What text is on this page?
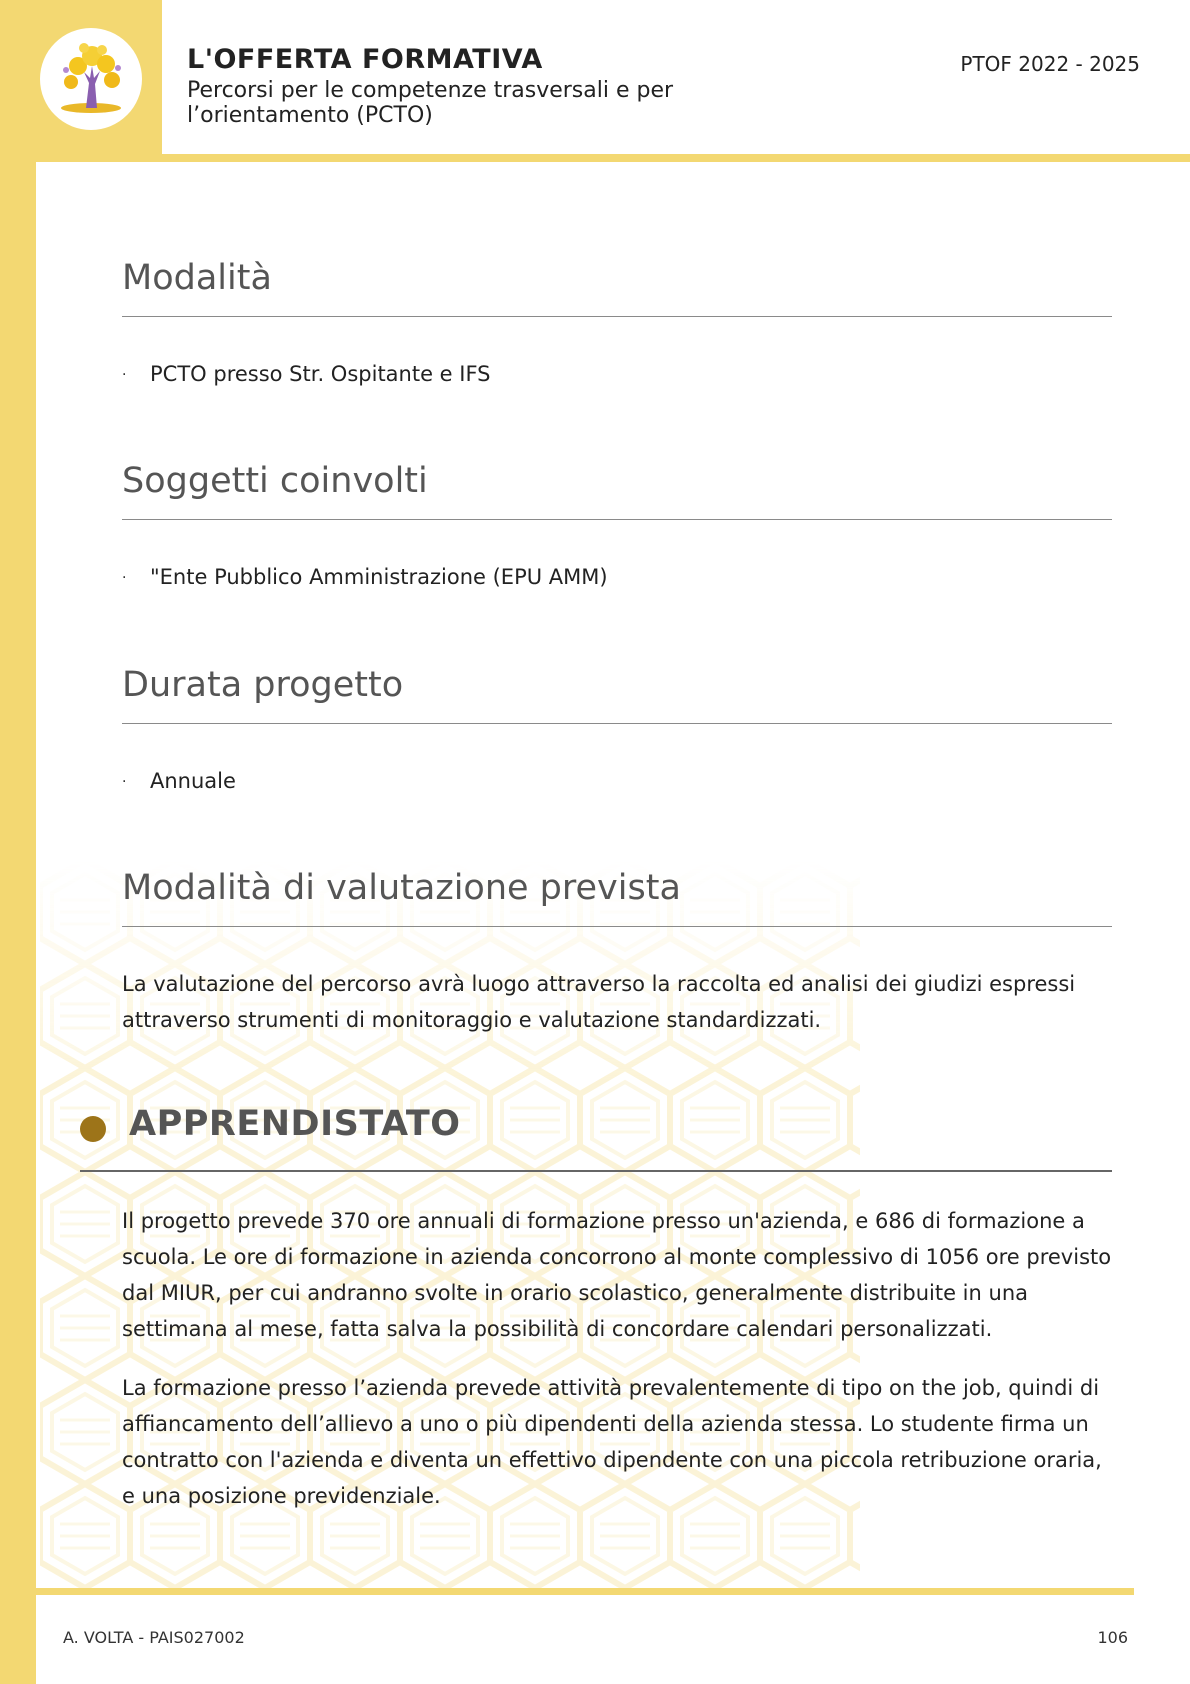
L'OFFERTA FORMATIVA
Percorsi per le competenze trasversali e per l’orientamento (PCTO)
PTOF 2022 - 2025
Modalità
· PCTO presso Str. Ospitante e IFS
Soggetti coinvolti
· "Ente Pubblico Amministrazione (EPU AMM)
Durata progetto
· Annuale
Modalità di valutazione prevista
La valutazione del percorso avrà luogo attraverso la raccolta ed analisi dei giudizi espressi attraverso strumenti di monitoraggio e valutazione standardizzati.
APPRENDISTATO
Il progetto prevede 370 ore annuali di formazione presso un'azienda, e 686 di formazione a scuola. Le ore di formazione in azienda concorrono al monte complessivo di 1056 ore previsto dal MIUR, per cui andranno svolte in orario scolastico, generalmente distribuite in una settimana al mese, fatta salva la possibilità di concordare calendari personalizzati.
La formazione presso l’azienda prevede attività prevalentemente di tipo on the job, quindi di affiancamento dell’allievo a uno o più dipendenti della azienda stessa. Lo studente firma un contratto con l'azienda e diventa un effettivo dipendente con una piccola retribuzione oraria, e una posizione previdenziale.
A. VOLTA - PAIS027002	106
